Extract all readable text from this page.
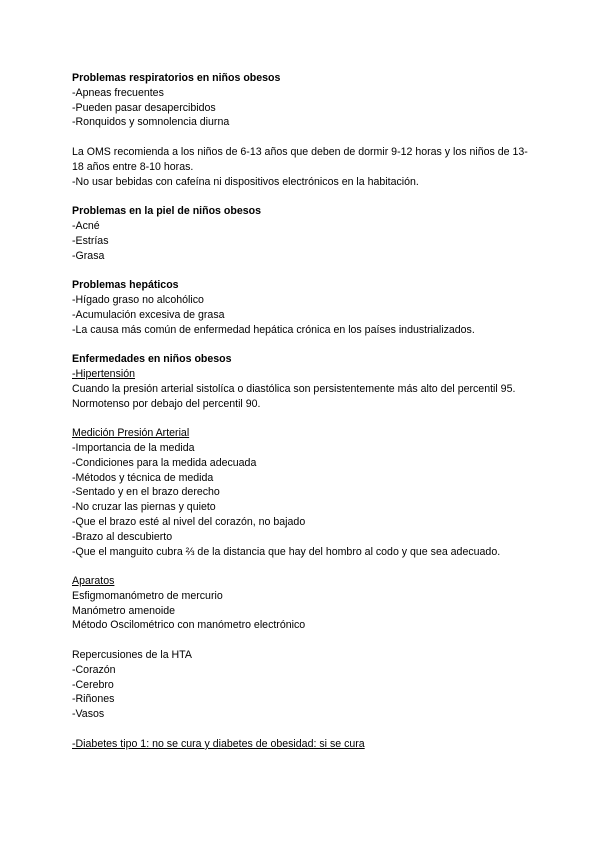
Problemas respiratorios en niños obesos
-Apneas frecuentes
-Pueden pasar desapercibidos
-Ronquidos y somnolencia diurna
La OMS recomienda a los niños de 6-13 años que deben de dormir 9-12 horas y los niños de 13-18 años entre 8-10 horas.
-No usar bebidas con cafeína ni dispositivos electrónicos en la habitación.
Problemas en la piel de niños obesos
-Acné
-Estrías
-Grasa
Problemas hepáticos
-Hígado graso no alcohólico
-Acumulación excesiva de grasa
-La causa más común de enfermedad hepática crónica en los países industrializados.
Enfermedades en niños obesos
-Hipertensión
Cuando la presión arterial sistolíca o diastólica son persistentemente más alto del percentil 95.
Normotenso por debajo del percentil 90.
Medición Presión Arterial
-Importancia de la medida
-Condiciones para la medida adecuada
-Métodos y técnica de medida
-Sentado y en el brazo derecho
-No cruzar las piernas y quieto
-Que el brazo esté al nivel del corazón, no bajado
-Brazo al descubierto
-Que el manguito cubra ⅔ de la distancia que hay del hombro al codo y que sea adecuado.
Aparatos
Esfigmomanómetro de mercurio
Manómetro amenoide
Método Oscilométrico con manómetro electrónico
Repercusiones de la HTA
-Corazón
-Cerebro
-Riñones
-Vasos
-Diabetes tipo 1: no se cura y diabetes de obesidad: si se cura
